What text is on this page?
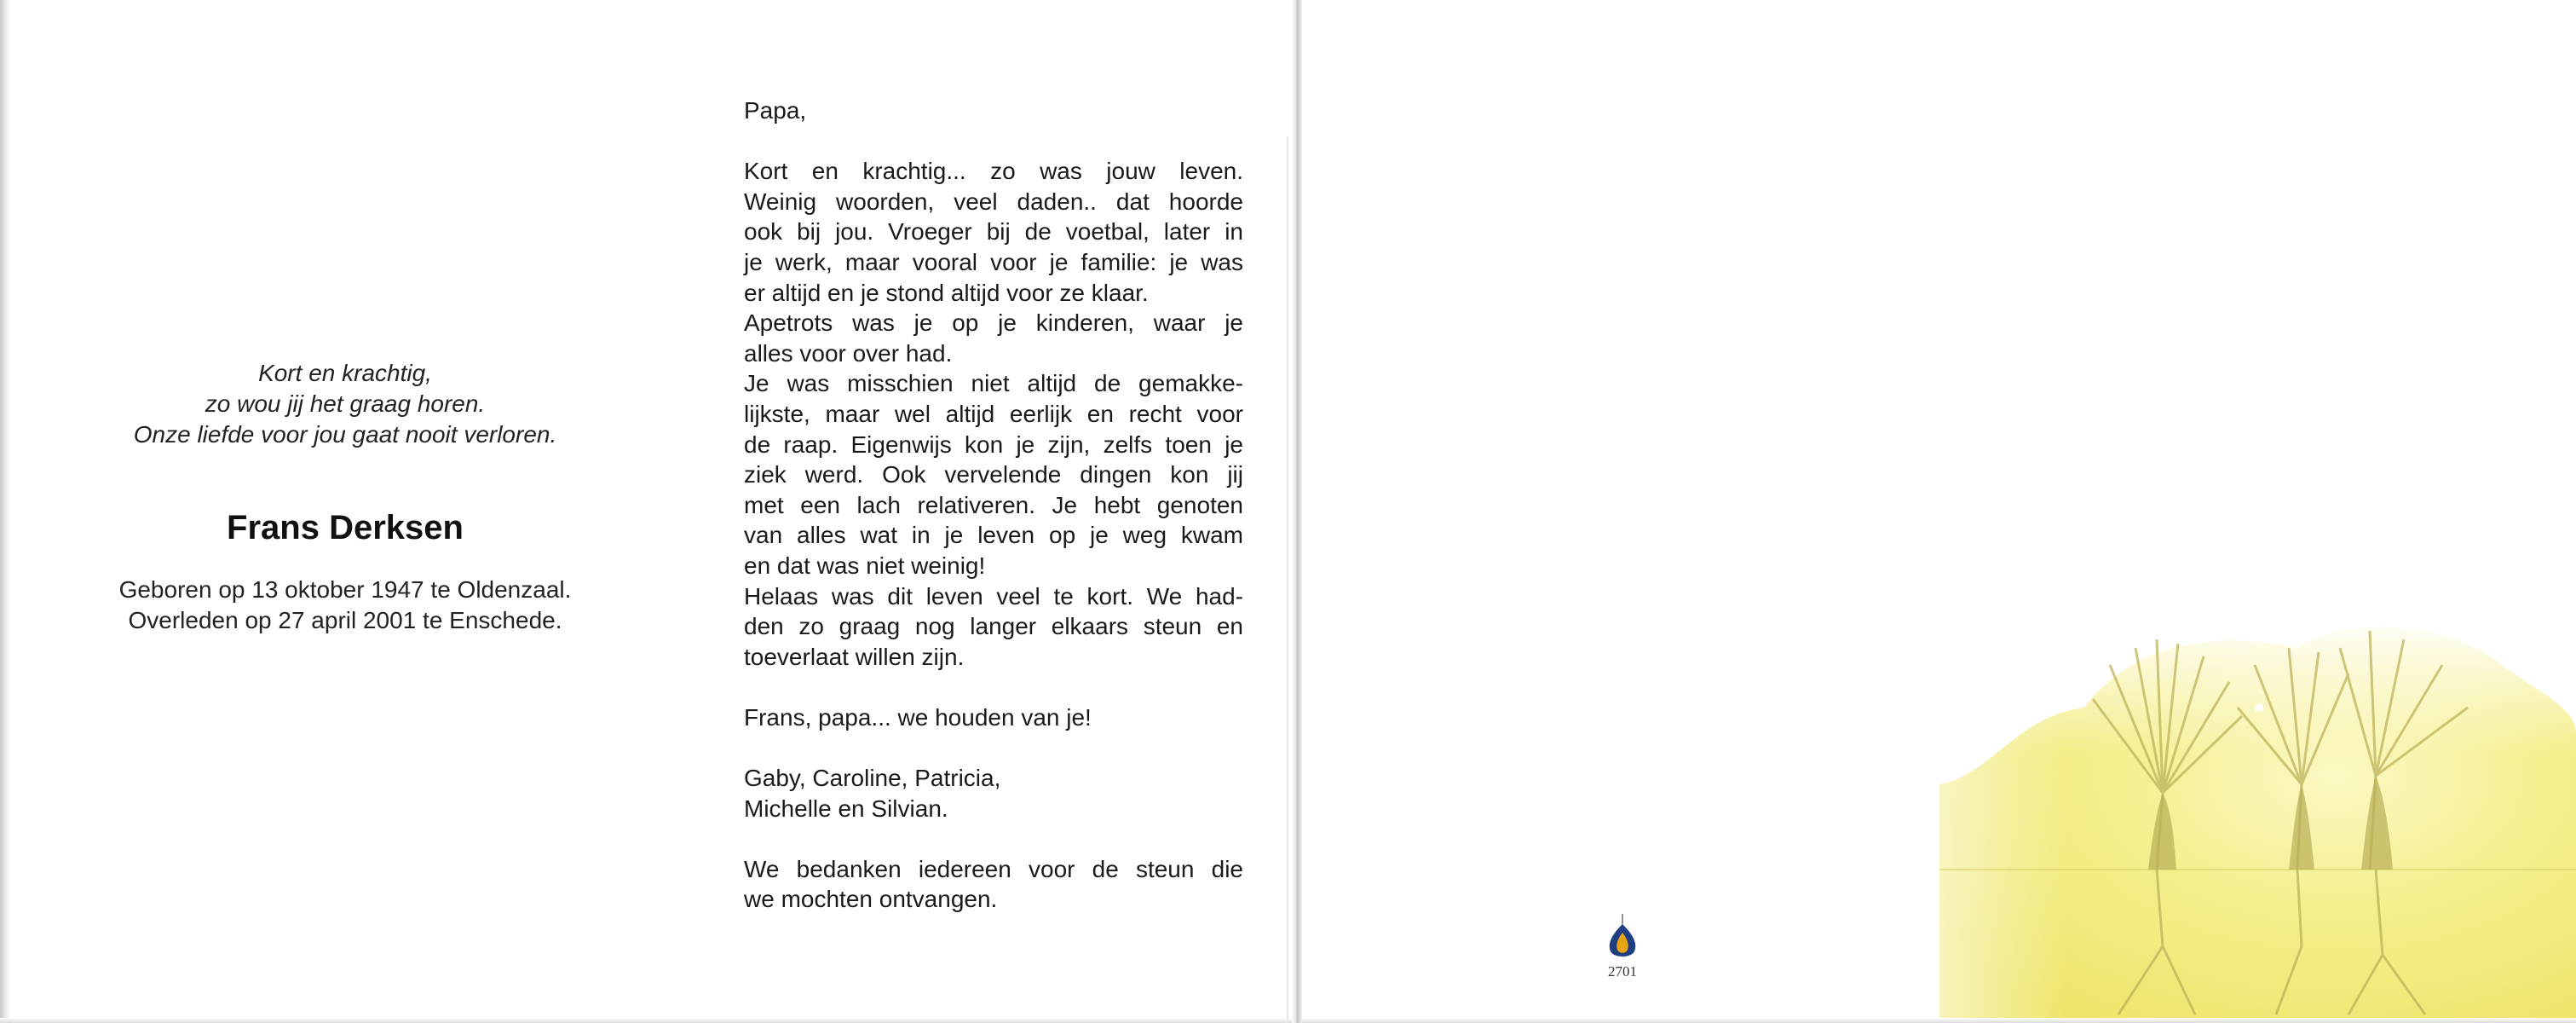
Kort en krachtig,
zo wou jij het graag horen.
Onze liefde voor jou gaat nooit verloren.
Frans Derksen
Geboren op 13 oktober 1947 te Oldenzaal.
Overleden op 27 april 2001 te Enschede.
Papa,
Kort en krachtig... zo was jouw leven.
Weinig woorden, veel daden.. dat hoorde
ook bij jou. Vroeger bij de voetbal, later in
je werk, maar vooral voor je familie: je was
er altijd en je stond altijd voor ze klaar.
Apetrots was je op je kinderen, waar je
alles voor over had.
Je was misschien niet altijd de gemakke-
lijkste, maar wel altijd eerlijk en recht voor
de raap. Eigenwijs kon je zijn, zelfs toen je
ziek werd. Ook vervelende dingen kon jij
met een lach relativeren. Je hebt genoten
van alles wat in je leven op je weg kwam
en dat was niet weinig!
Helaas was dit leven veel te kort. We had-
den zo graag nog langer elkaars steun en
toeverlaat willen zijn.
Frans, papa... we houden van je!
Gaby, Caroline, Patricia,
Michelle en Silvian.
We bedanken iedereen voor de steun die
we mochten ontvangen.
2701
